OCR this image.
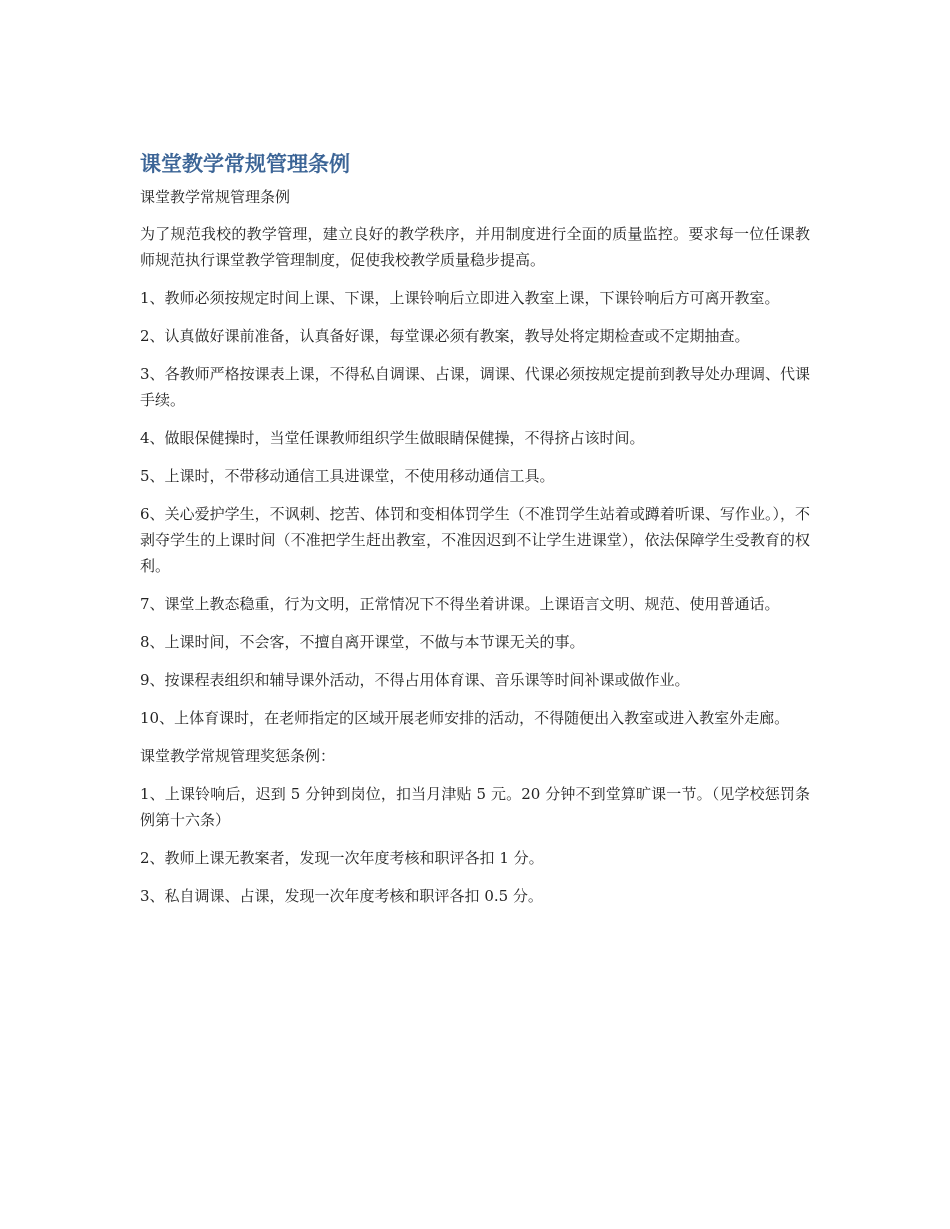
课堂教学常规管理条例
课堂教学常规管理条例

为了规范我校的教学管理，建立良好的教学秩序，并用制度进行全面的质量监控。要求每一位任课教师规范执行课堂教学管理制度，促使我校教学质量稳步提高。

1、教师必须按规定时间上课、下课，上课铃响后立即进入教室上课，下课铃响后方可离开教室。

2、认真做好课前准备，认真备好课，每堂课必须有教案，教导处将定期检查或不定期抽查。

3、各教师严格按课表上课，不得私自调课、占课，调课、代课必须按规定提前到教导处办理调、代课手续。

4、做眼保健操时，当堂任课教师组织学生做眼睛保健操，不得挤占该时间。

5、上课时，不带移动通信工具进课堂，不使用移动通信工具。

6、关心爱护学生，不讽刺、挖苦、体罚和变相体罚学生（不准罚学生站着或蹲着听课、写作业。），不剥夺学生的上课时间（不准把学生赶出教室，不准因迟到不让学生进课堂），依法保障学生受教育的权利。

7、课堂上教态稳重，行为文明，正常情况下不得坐着讲课。上课语言文明、规范、使用普通话。

8、上课时间，不会客，不擅自离开课堂，不做与本节课无关的事。

9、按课程表组织和辅导课外活动，不得占用体育课、音乐课等时间补课或做作业。

10、上体育课时，在老师指定的区域开展老师安排的活动，不得随便出入教室或进入教室外走廊。

课堂教学常规管理奖惩条例：

1、上课铃响后，迟到 5 分钟到岗位，扣当月津贴 5 元。20 分钟不到堂算旷课一节。（见学校惩罚条例第十六条）

2、教师上课无教案者，发现一次年度考核和职评各扣 1 分。

3、私自调课、占课，发现一次年度考核和职评各扣 0.5 分。
